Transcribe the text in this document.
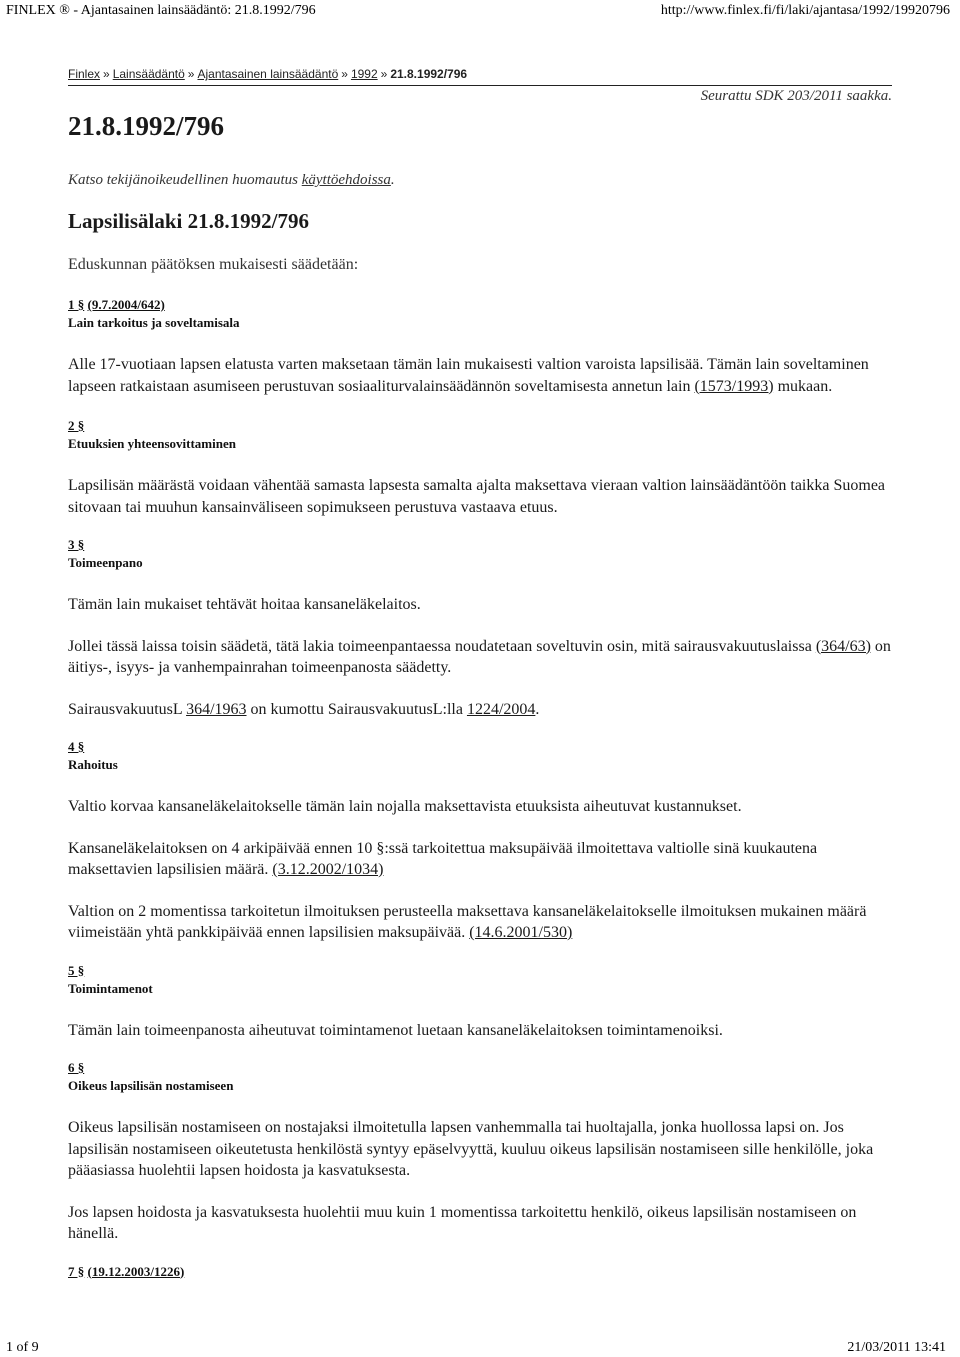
FINLEX ® - Ajantasainen lainsäädäntö: 21.8.1992/796	http://www.finlex.fi/fi/laki/ajantasa/1992/19920796
Finlex » Lainsäädäntö » Ajantasainen lainsäädäntö » 1992 » 21.8.1992/796
Seurattu SDK 203/2011 saakka.
21.8.1992/796
Katso tekijänoikeudellinen huomautus käyttöehdoissa.
Lapsilisälaki 21.8.1992/796
Eduskunnan päätöksen mukaisesti säädetään:
1 § (9.7.2004/642)
Lain tarkoitus ja soveltamisala
Alle 17-vuotiaan lapsen elatusta varten maksetaan tämän lain mukaisesti valtion varoista lapsilisää. Tämän lain soveltaminen lapseen ratkaistaan asumiseen perustuvan sosiaaliturvalainsäädännön soveltamisesta annetun lain (1573/1993) mukaan.
2 §
Etuuksien yhteensovittaminen
Lapsilisän määrästä voidaan vähentää samasta lapsesta samalta ajalta maksettava vieraan valtion lainsäädäntöön taikka Suomea sitovaan tai muuhun kansainväliseen sopimukseen perustuva vastaava etuus.
3 §
Toimeenpano
Tämän lain mukaiset tehtävät hoitaa kansaneläkelaitos.
Jollei tässä laissa toisin säädetä, tätä lakia toimeenpantaessa noudatetaan soveltuvin osin, mitä sairausvakuutuslaissa (364/63) on äitiys-, isyys- ja vanhempainrahan toimeenpanosta säädetty.
SairausvakuutusL 364/1963 on kumottu SairausvakuutusL:lla 1224/2004.
4 §
Rahoitus
Valtio korvaa kansaneläkelaitokselle tämän lain nojalla maksettavista etuuksista aiheutuvat kustannukset.
Kansaneläkelaitoksen on 4 arkipäivää ennen 10 §:ssä tarkoitettua maksupäivää ilmoitettava valtiolle sinä kuukautena maksettavien lapsilisien määrä. (3.12.2002/1034)
Valtion on 2 momentissa tarkoitetun ilmoituksen perusteella maksettava kansaneläkelaitokselle ilmoituksen mukainen määrä viimeistään yhtä pankkipäivää ennen lapsilisien maksupäivää. (14.6.2001/530)
5 §
Toimintamenot
Tämän lain toimeenpanosta aiheutuvat toimintamenot luetaan kansaneläkelaitoksen toimintamenoiksi.
6 §
Oikeus lapsilisän nostamiseen
Oikeus lapsilisän nostamiseen on nostajaksi ilmoitetulla lapsen vanhemmalla tai huoltajalla, jonka huollossa lapsi on. Jos lapsilisän nostamiseen oikeutetusta henkilöstä syntyy epäselvyyttä, kuuluu oikeus lapsilisän nostamiseen sille henkilölle, joka pääasiassa huolehtii lapsen hoidosta ja kasvatuksesta.
Jos lapsen hoidosta ja kasvatuksesta huolehtii muu kuin 1 momentissa tarkoitettu henkilö, oikeus lapsilisän nostamiseen on hänellä.
7 § (19.12.2003/1226)
1 of 9	21/03/2011 13:41
